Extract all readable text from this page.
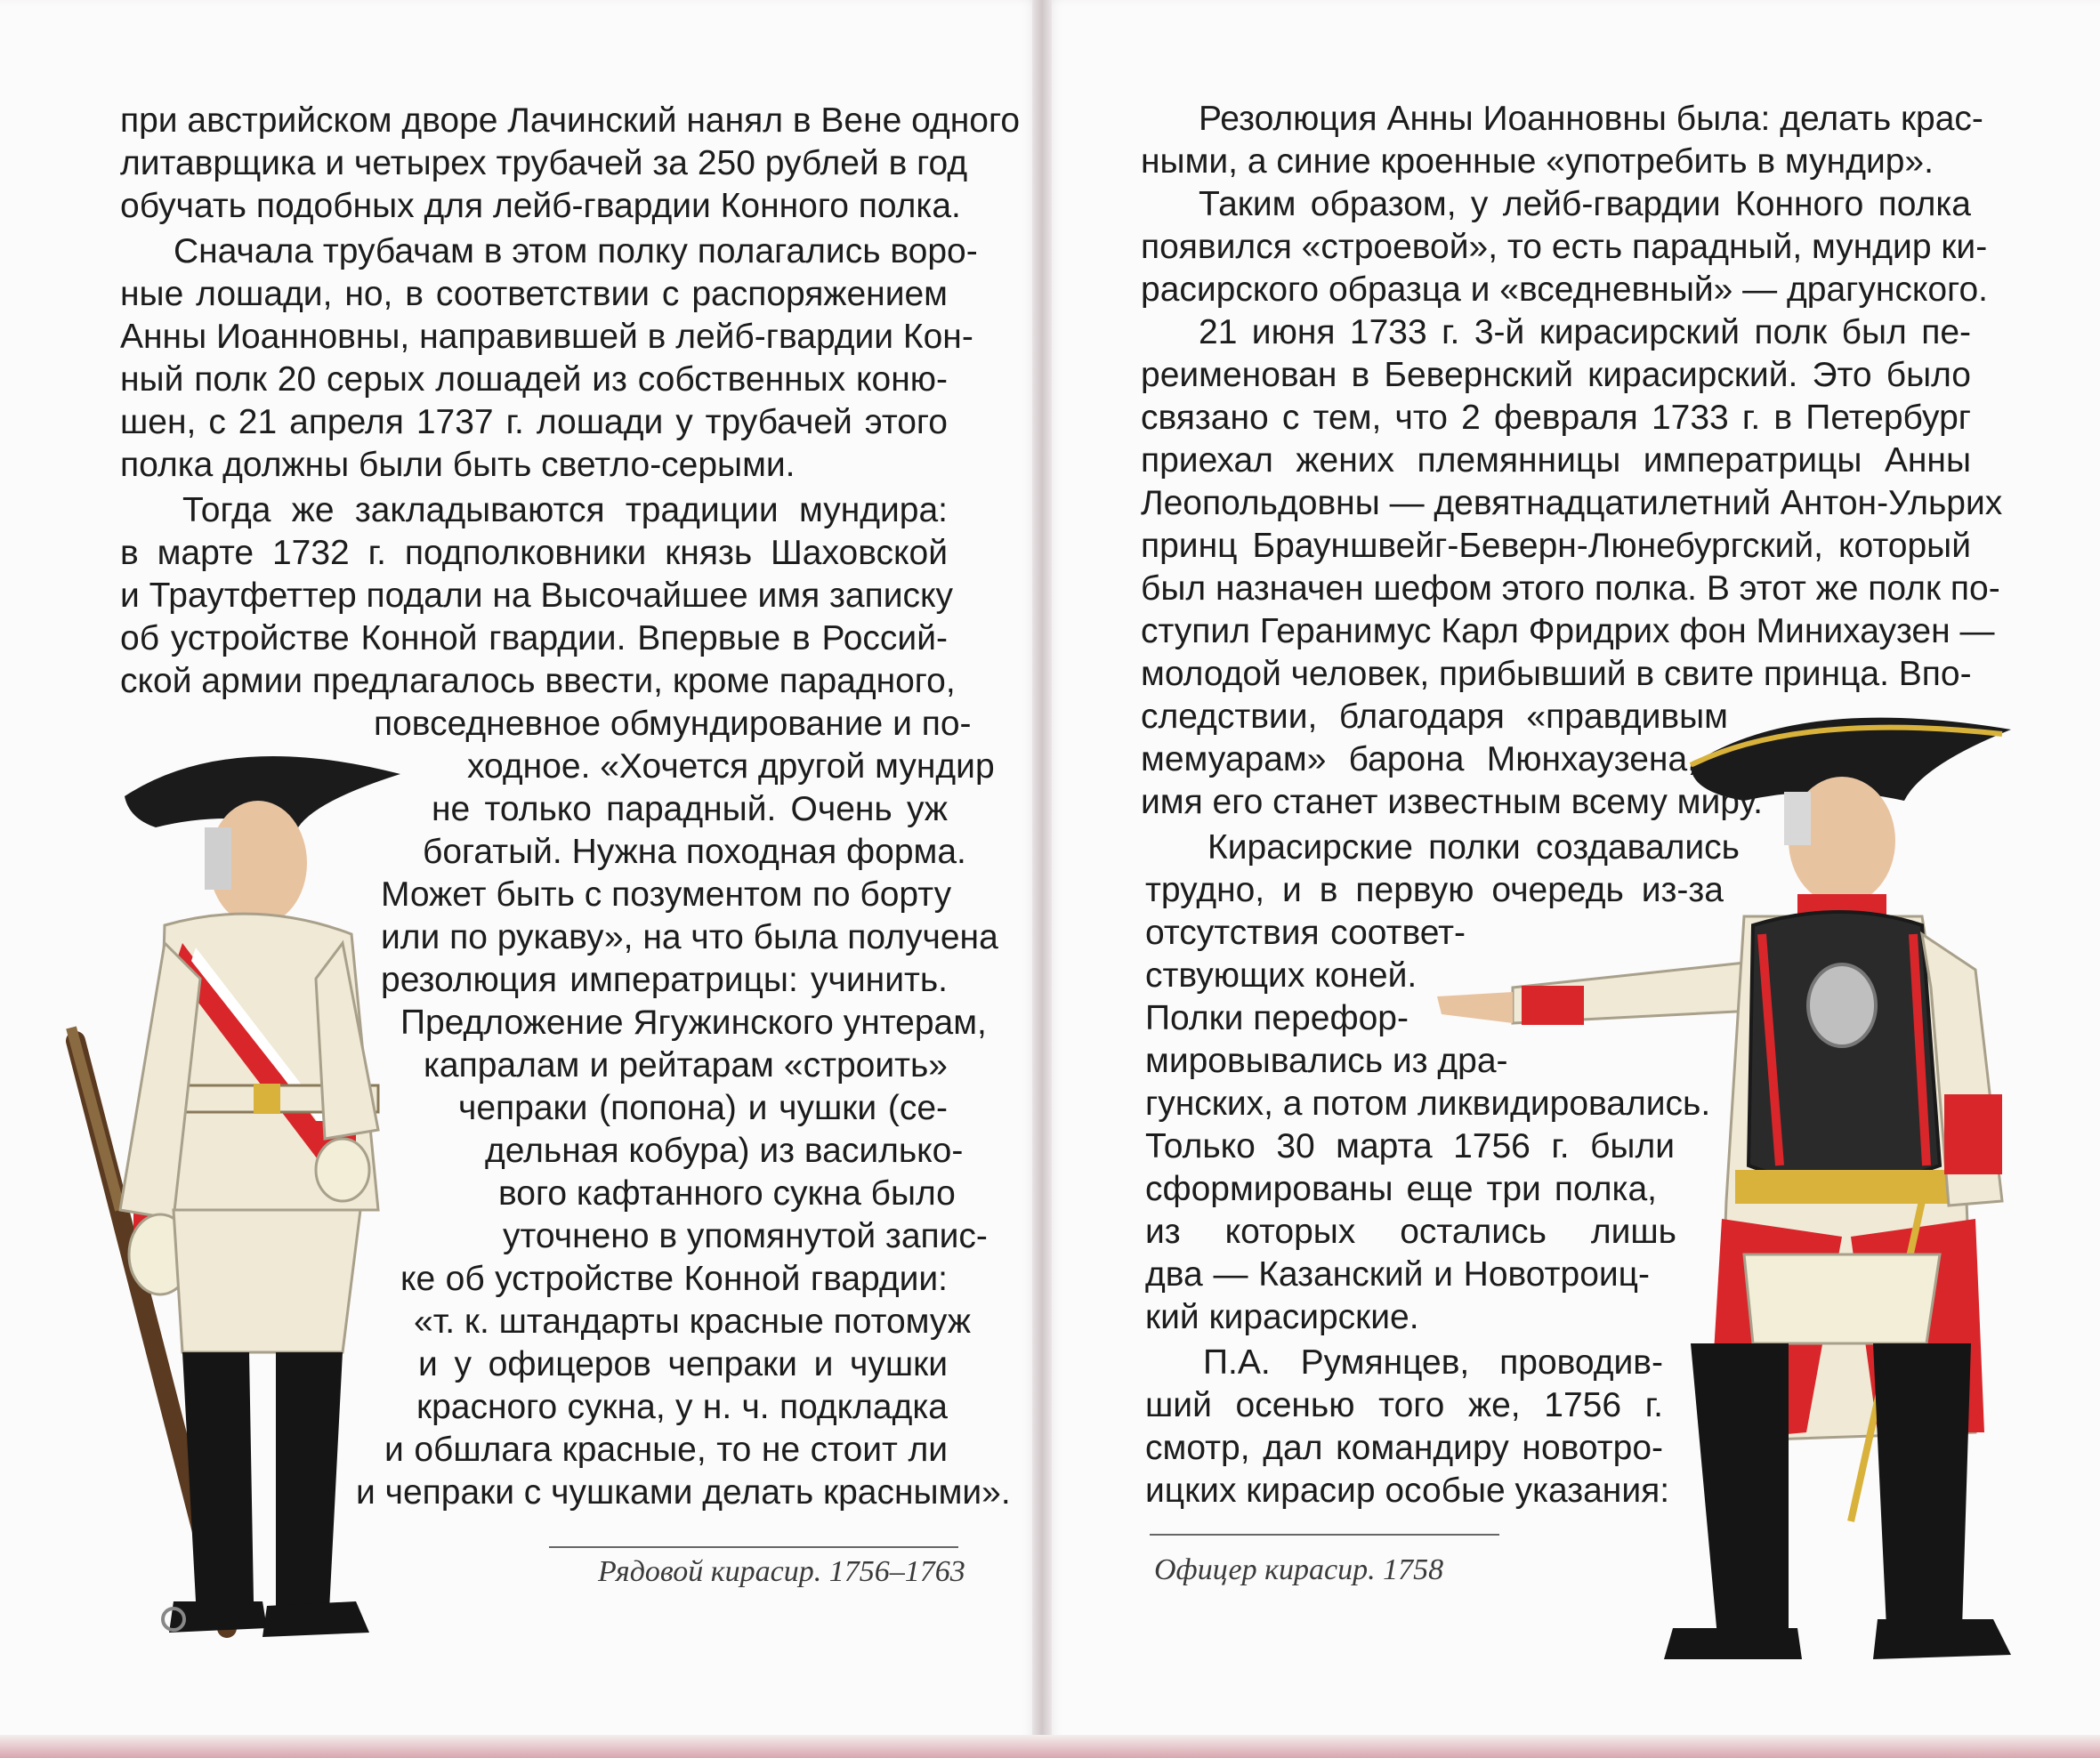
при австрийском дворе Лачинский нанял в Вене одного
литаврщика и четырех трубачей за 250 рублей в год
обучать подобных для лейб-гвардии Конного полка.
Сначала трубачам в этом полку полагались воро-
ные лошади, но, в соответствии с распоряжением
Анны Иоанновны, направившей в лейб-гвардии Кон-
ный полк 20 серых лошадей из собственных коню-
шен, с 21 апреля 1737 г. лошади у трубачей этого
полка должны были быть светло-серыми.
Тогда же закладываются традиции мундира:
в марте 1732 г. подполковники князь Шаховской
и Траутфеттер подали на Высочайшее имя записку
об устройстве Конной гвардии. Впервые в Россий-
ской армии предлагалось ввести, кроме парадного,
повседневное обмундирование и по-
ходное. «Хочется другой мундир
не только парадный. Очень уж
богатый. Нужна походная форма.
Может быть с позументом по борту
или по рукаву», на что была получена
резолюция императрицы: учинить.
Предложение Ягужинского унтерам,
капралам и рейтарам «строить»
чепраки (попона) и чушки (се-
дельная кобура) из василько-
вого кафтанного сукна было
уточнено в упомянутой запис-
ке об устройстве Конной гвардии:
«т. к. штандарты красные потомуж
и у офицеров чепраки и чушки
красного сукна, у н. ч. подкладка
и обшлага красные, то не стоит ли
и чепраки с чушками делать красными».
Рядовой кирасир. 1756–1763
Резолюция Анны Иоанновны была: делать крас-
ными, а синие кроенные «употребить в мундир».
Таким образом, у лейб-гвардии Конного полка
появился «строевой», то есть парадный, мундир ки-
расирского образца и «вседневный» — драгунского.
21 июня 1733 г. 3-й кирасирский полк был пе-
реименован в Бевернский кирасирский. Это было
связано с тем, что 2 февраля 1733 г. в Петербург
приехал жених племянницы императрицы Анны
Леопольдовны — девятнадцатилетний Антон-Ульрих
принц Брауншвейг-Беверн-Люнебургский, который
был назначен шефом этого полка. В этот же полк по-
ступил Геранимус Карл Фридрих фон Минихаузен —
молодой человек, прибывший в свите принца. Впо-
следствии, благодаря «правдивым
мемуарам» барона Мюнхаузена,
имя его станет известным всему миру.
Кирасирские полки создавались
трудно, и в первую очередь из-за
отсутствия соответ-
ствующих коней.
Полки перефор-
мировывались из дра-
гунских, а потом ликвидировались.
Только 30 марта 1756 г. были
сформированы еще три полка,
из которых остались лишь
два — Казанский и Новотроиц-
кий кирасирские.
П.А. Румянцев, проводив-
ший осенью того же, 1756 г.
смотр, дал командиру новотро-
ицких кирасир особые указания:
Офицер кирасир. 1758
